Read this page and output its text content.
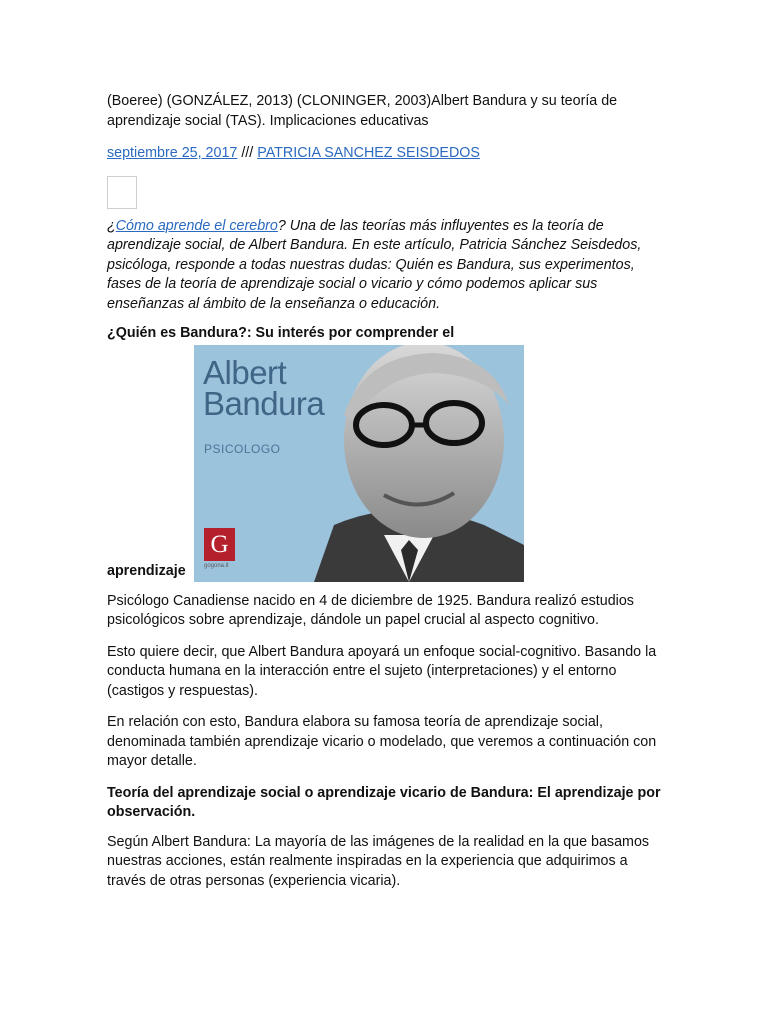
(Boeree) (GONZÁLEZ, 2013) (CLONINGER, 2003)Albert Bandura y su teoría de aprendizaje social (TAS). Implicaciones educativas

septiembre 25, 2017 /// PATRICIA SANCHEZ SEISDEDOS

¿Cómo aprende el cerebro? Una de las teorías más influyentes es la teoría de aprendizaje social, de Albert Bandura. En este artículo, Patricia Sánchez Seisdedos, psicóloga, responde a todas nuestras dudas: Quién es Bandura, sus experimentos, fases de la teoría de aprendizaje social o vicario y cómo podemos aplicar sus enseñanzas al ámbito de la enseñanza o educación.

¿Quién es Bandura?: Su interés por comprender el

aprendizaje
Albert
Bandura
PSICOLOGO
G
gogona.it

Psicólogo Canadiense nacido en 4 de diciembre de 1925. Bandura realizó estudios psicológicos sobre aprendizaje, dándole un papel crucial al aspecto cognitivo.

Esto quiere decir, que Albert Bandura apoyará un enfoque social-cognitivo. Basando la conducta humana en la interacción entre el sujeto (interpretaciones) y el entorno (castigos y respuestas).

En relación con esto, Bandura elabora su famosa teoría de aprendizaje social, denominada también aprendizaje vicario o modelado, que veremos a continuación con mayor detalle.

Teoría del aprendizaje social o aprendizaje vicario de Bandura: El aprendizaje por observación.

Según Albert Bandura: La mayoría de las imágenes de la realidad en la que basamos nuestras acciones, están realmente inspiradas en la experiencia que adquirimos a través de otras personas (experiencia vicaria).
